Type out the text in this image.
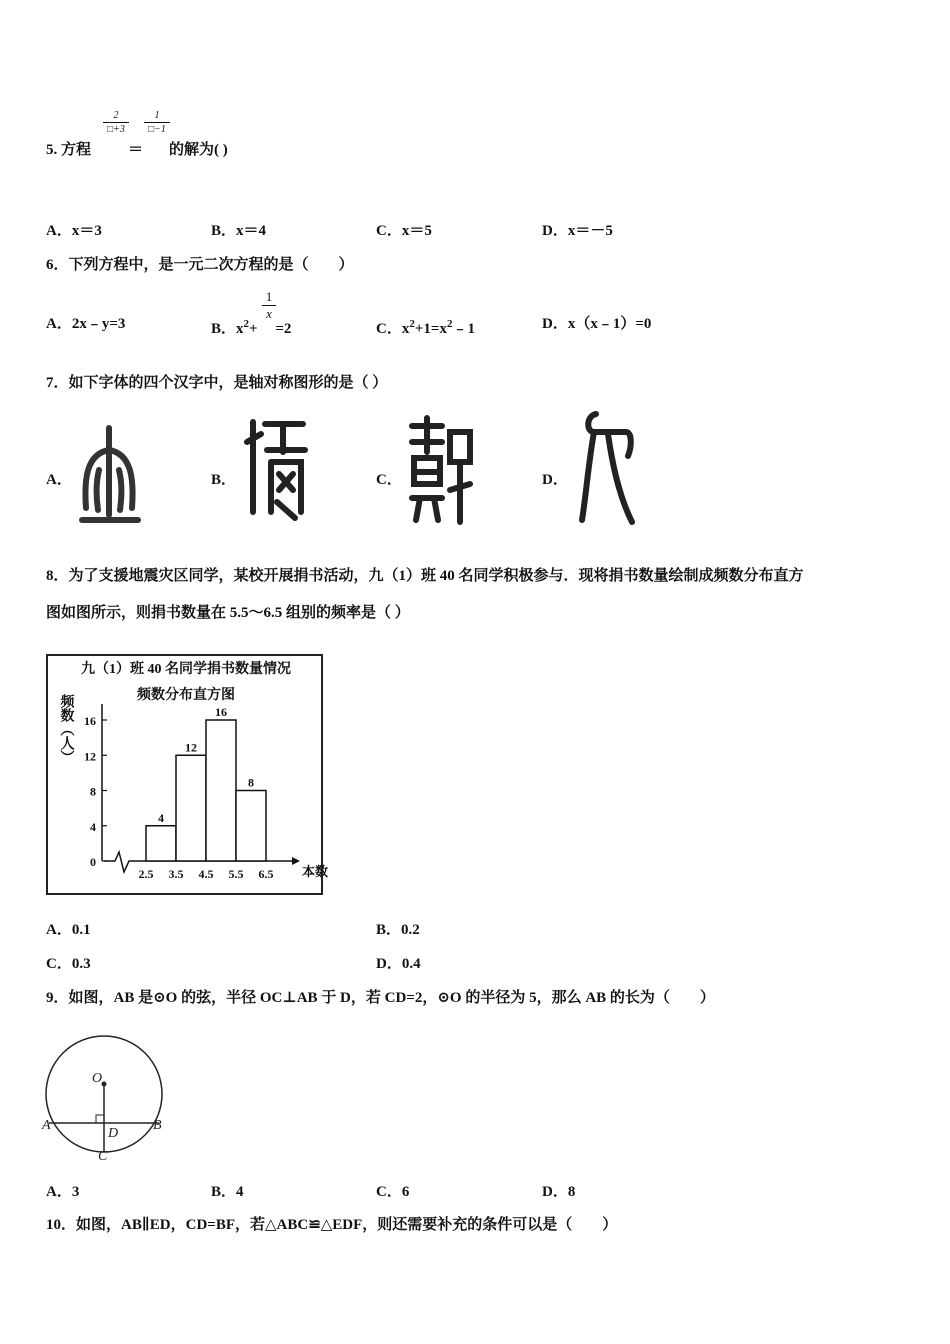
5. 方程
2
□+3
＝
1
□−1
的解为( )
A．x＝3	B．x＝4	C．x＝5	D．x＝－5
6．下列方程中，是一元二次方程的是（　　）
A．2x﹣y=3	B．$x^2+ =2$
1
x
C．$x^2+1=x^2﹣1$	D．x（x﹣1）=0
7．如下字体的四个汉字中，是轴对称图形的是（ ）
A．	B．	C．	D．
8．为了支援地震灾区同学，某校开展捐书活动，九（1）班 40 名同学积极参与．现将捐书数量绘制成频数分布直方
图如图所示，则捐书数量在 5.5～6.5 组别的频率是（ ）
九（1）班 40 名同学捐书数量情况
频数分布直方图
频数（人） 16
12
8
4
0
4
12
16
8
2.5 3.5 4.5 5.5 6.5 本数
A．0.1	B．0.2
C．0.3	D．0.4
9．如图，AB 是⊙O 的弦，半径 OC⊥AB 于 D，若 CD=2，⊙O 的半径为 5，那么 AB 的长为（　　）
O
A	B
C
D
A．3	B．4	C．6	D．8
10．如图，AB∥ED，CD=BF，若△ABC≌△EDF，则还需要补充的条件可以是（　　）
